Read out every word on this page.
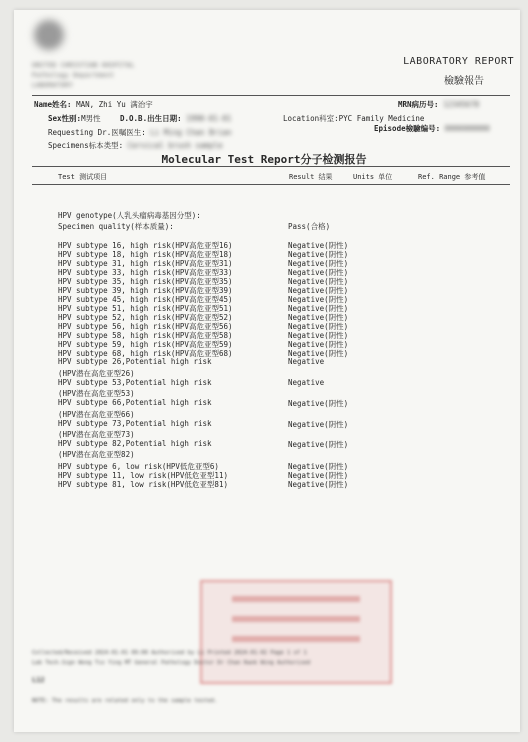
UNITED CHRISTIAN HOSPITAL
Pathology Department
LABORATORY
LABORATORY REPORT
檢驗報告
Name姓名: MAN, Zhi Yu 满治宇	MRN病历号: 12345678
Sex性别:M男性	D.O.B.出生日期: 1990-01-01	Location科室:PYC Family Medicine
Episode檢驗编号: 0000000000
Requesting Dr.医嘱医生: Li Ming Chan Brian
Specimens标本类型: Cervical brush sample
Molecular Test Report分子检测报告
Test 测试项目	Result 结果	Units 单位	Ref. Range 参考值
HPV genotype(人乳头瘤病毒基因分型):
Specimen quality(样本质量):	Pass(合格)
HPV subtype 16, high risk(HPV高危亚型16)	Negative(阴性)
HPV subtype 18, high risk(HPV高危亚型18)	Negative(阴性)
HPV subtype 31, high risk(HPV高危亚型31)	Negative(阴性)
HPV subtype 33, high risk(HPV高危亚型33)	Negative(阴性)
HPV subtype 35, high risk(HPV高危亚型35)	Negative(阴性)
HPV subtype 39, high risk(HPV高危亚型39)	Negative(阴性)
HPV subtype 45, high risk(HPV高危亚型45)	Negative(阴性)
HPV subtype 51, high risk(HPV高危亚型51)	Negative(阴性)
HPV subtype 52, high risk(HPV高危亚型52)	Negative(阴性)
HPV subtype 56, high risk(HPV高危亚型56)	Negative(阴性)
HPV subtype 58, high risk(HPV高危亚型58)	Negative(阴性)
HPV subtype 59, high risk(HPV高危亚型59)	Negative(阴性)
HPV subtype 68, high risk(HPV高危亚型68)	Negative(阴性)
HPV subtype 26,Potential high risk	Negative
(HPV潜在高危亚型26)
HPV subtype 53,Potential high risk	Negative
(HPV潜在高危亚型53)
HPV subtype 66,Potential high risk	Negative(阴性)
(HPV潜在高危亚型66)
HPV subtype 73,Potential high risk	Negative(阴性)
(HPV潜在高危亚型73)
HPV subtype 82,Potential high risk	Negative(阴性)
(HPV潜在高危亚型82)
HPV subtype 6, low risk(HPV低危亚型6)	Negative(阴性)
HPV subtype 11, low risk(HPV低危亚型11)	Negative(阴性)
HPV subtype 81, low risk(HPV低危亚型81)	Negative(阴性)
Collected/Received 2024-01-01 09:00 Authorised by Li Printed 2024-01-02 Page 1 of 1
Lab Tech.Sign Wong Tsz Ying MT General Pathology Doctor Dr Chan Kwok Wing Authorised
L12
NOTE: The results are related only to the sample tested.
